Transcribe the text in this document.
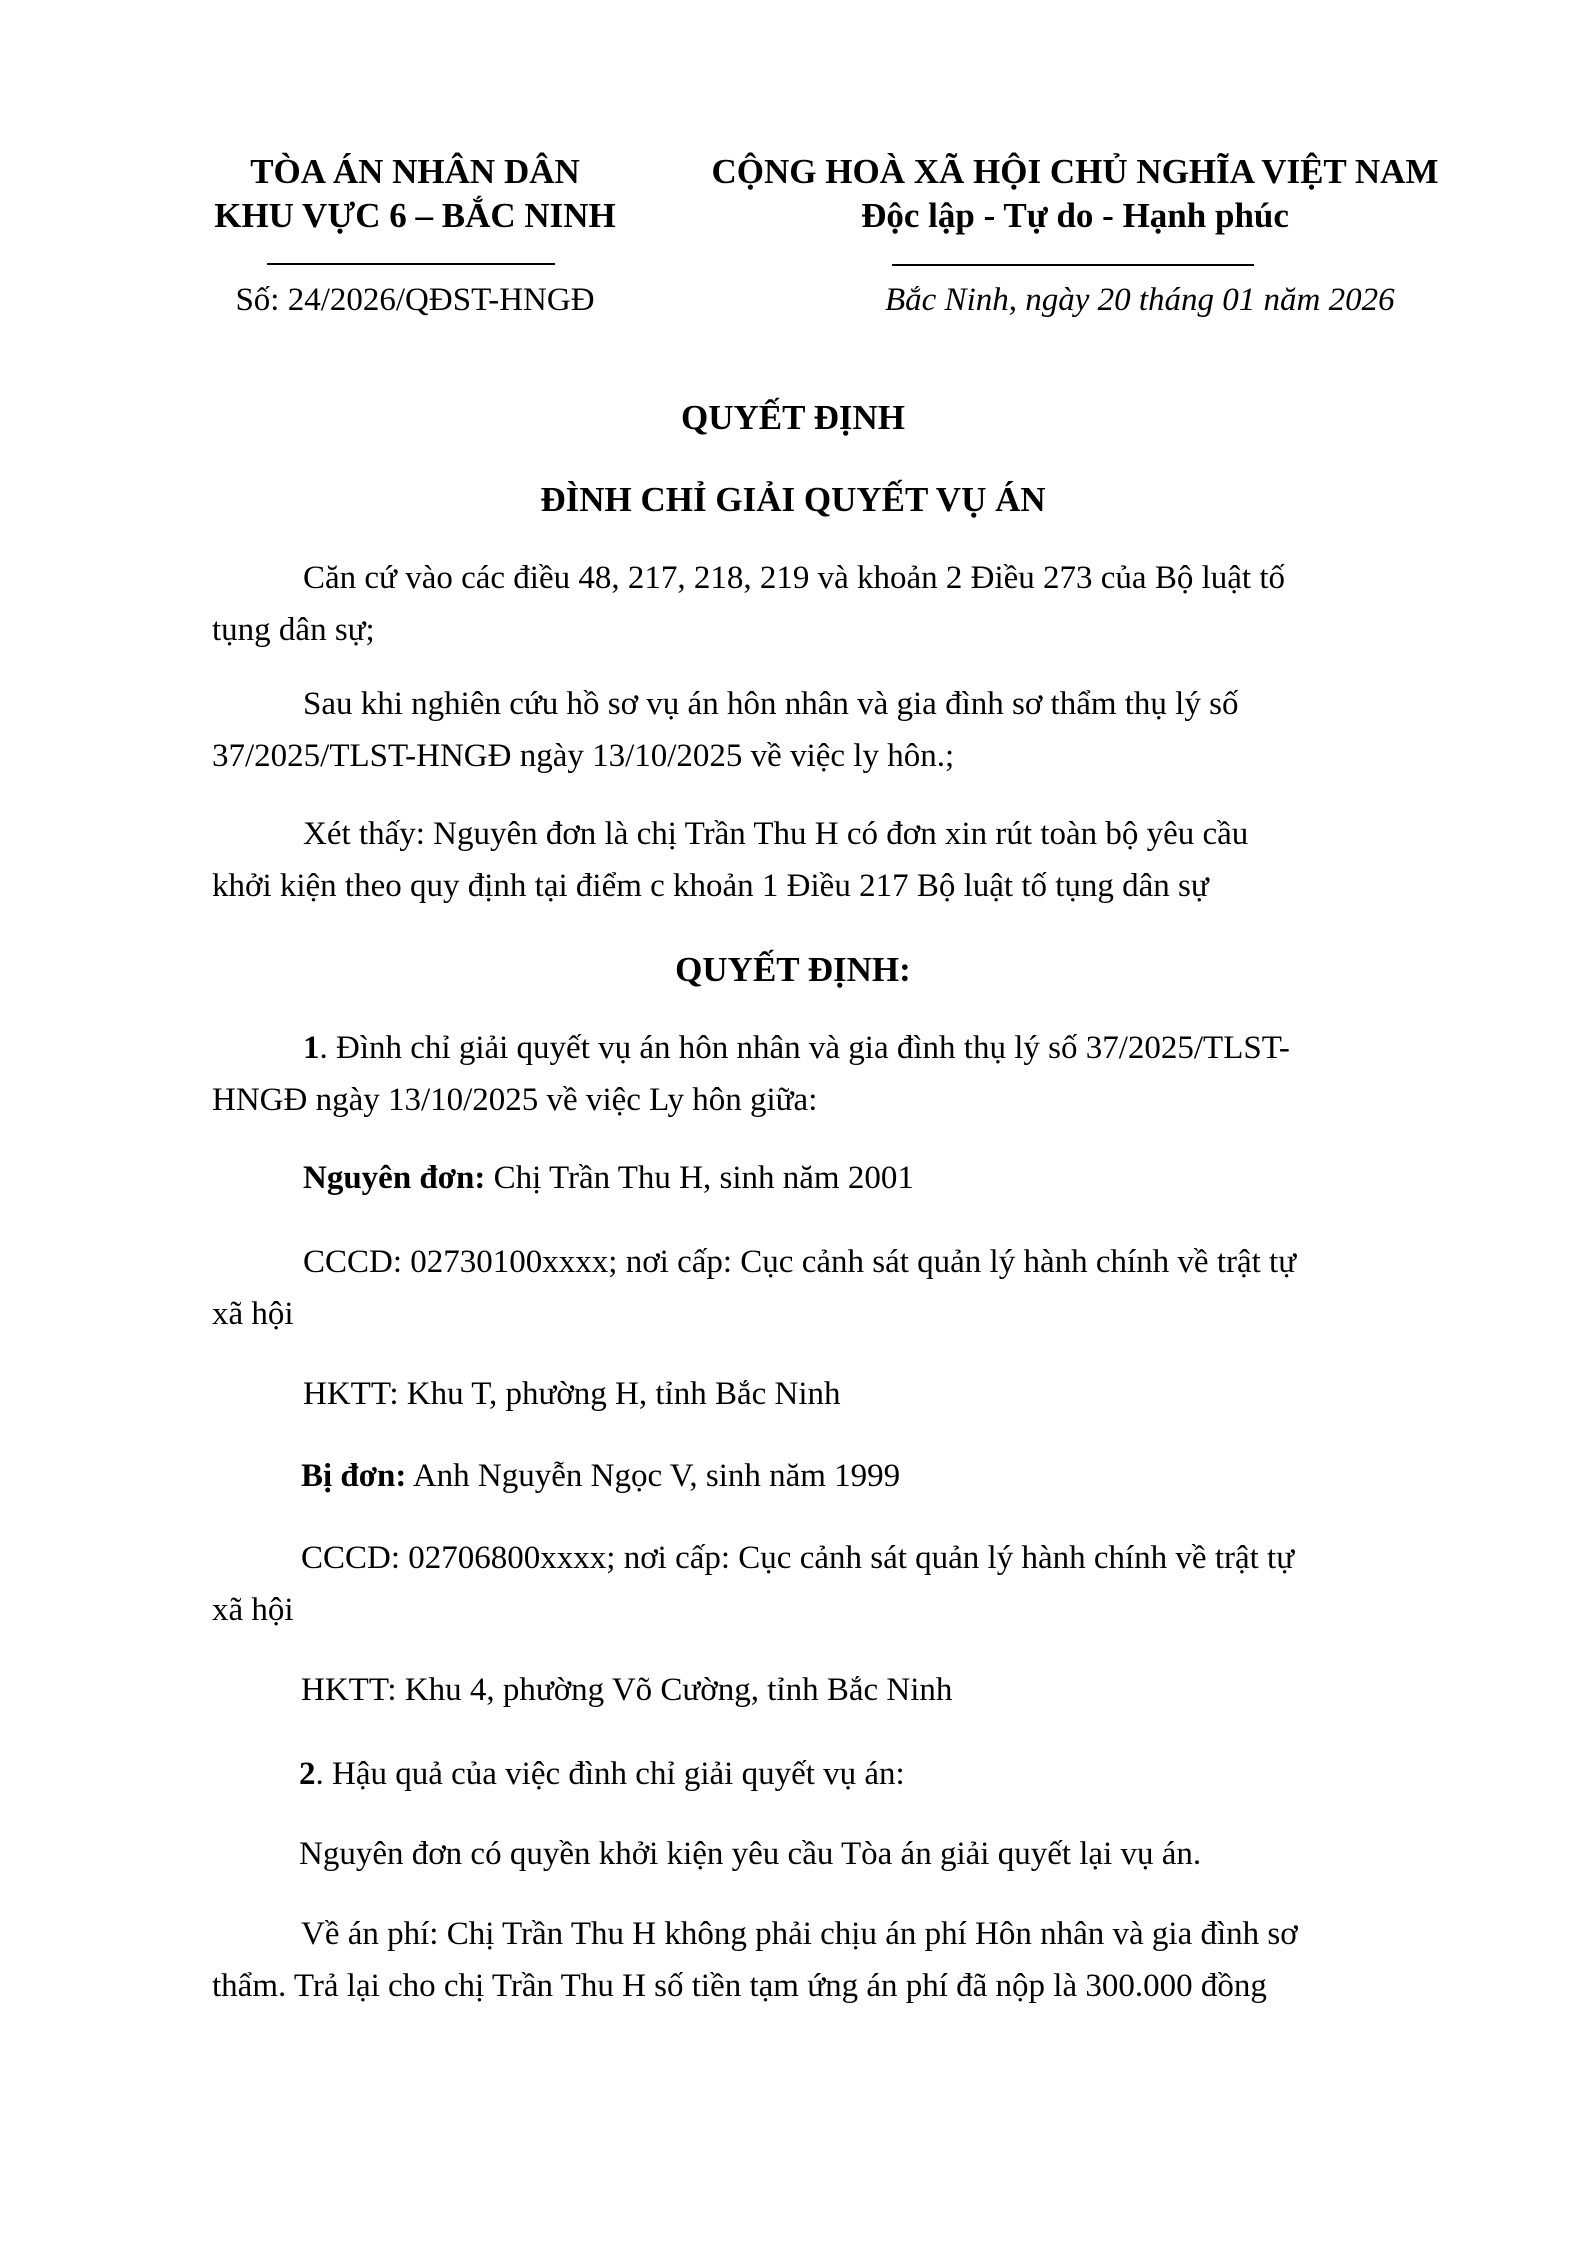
TÒA ÁN NHÂN DÂN
KHU VỰC 6 – BẮC NINH
Số: 24/2026/QĐST-HNGĐ
CỘNG HOÀ XÃ HỘI CHỦ NGHĨA VIỆT NAM
Độc lập - Tự do - Hạnh phúc
Bắc Ninh, ngày 20 tháng 01 năm 2026
QUYẾT ĐỊNH
ĐÌNH CHỈ GIẢI QUYẾT VỤ ÁN
Căn cứ vào các điều 48, 217, 218, 219 và khoản 2 Điều 273 của Bộ luật tố
tụng dân sự;
Sau khi nghiên cứu hồ sơ vụ án hôn nhân và gia đình sơ thẩm thụ lý số
37/2025/TLST-HNGĐ ngày 13/10/2025 về việc ly hôn.;
Xét thấy: Nguyên đơn là chị Trần Thu H có đơn xin rút toàn bộ yêu cầu
khởi kiện theo quy định tại điểm c khoản 1 Điều 217 Bộ luật tố tụng dân sự
QUYẾT ĐỊNH:
1. Đình chỉ giải quyết vụ án hôn nhân và gia đình thụ lý số 37/2025/TLST-
HNGĐ ngày 13/10/2025 về việc Ly hôn giữa:
Nguyên đơn: Chị Trần Thu H, sinh năm 2001
CCCD: 02730100xxxx; nơi cấp: Cục cảnh sát quản lý hành chính về trật tự
xã hội
HKTT: Khu T, phường H, tỉnh Bắc Ninh
Bị đơn: Anh Nguyễn Ngọc V, sinh năm 1999
CCCD: 02706800xxxx; nơi cấp: Cục cảnh sát quản lý hành chính về trật tự
xã hội
HKTT: Khu 4, phường Võ Cường, tỉnh Bắc Ninh
2. Hậu quả của việc đình chỉ giải quyết vụ án:
Nguyên đơn có quyền khởi kiện yêu cầu Tòa án giải quyết lại vụ án.
Về án phí: Chị Trần Thu H không phải chịu án phí Hôn nhân và gia đình sơ
thẩm. Trả lại cho chị Trần Thu H số tiền tạm ứng án phí đã nộp là 300.000 đồng
